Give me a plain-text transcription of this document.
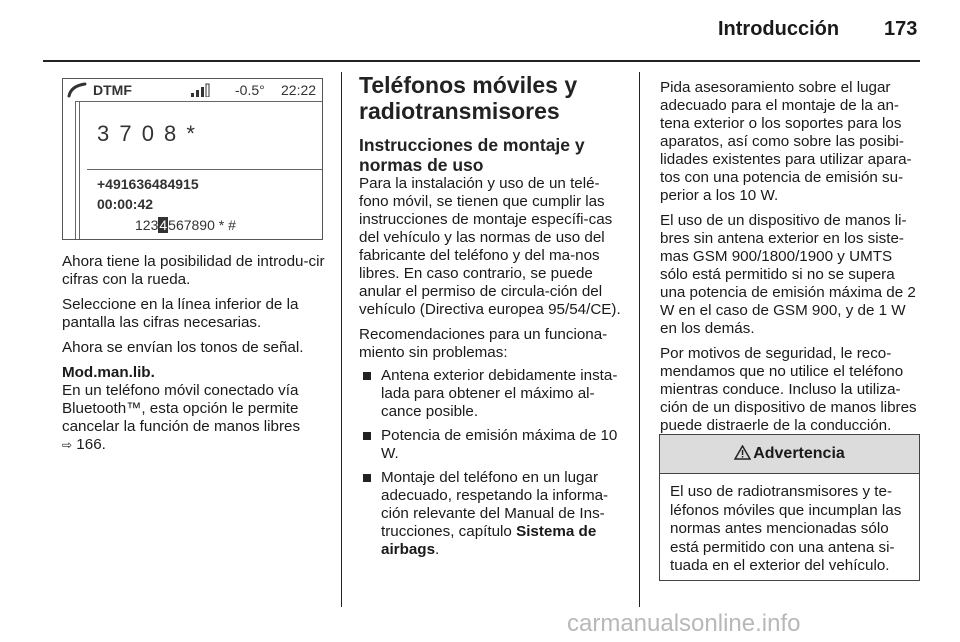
Introducción 173
DTMF	-0.5° 22:22
3 7 0 8 *
+491636484915
00:00:42
1234567890 * #

Ahora tiene la posibilidad de introdu-cir cifras con la rueda.

Seleccione en la línea inferior de la pantalla las cifras necesarias.

Ahora se envían los tonos de señal.

Mod.man.lib.
En un teléfono móvil conectado vía Bluetooth™, esta opción le permite cancelar la función de manos libres
⇨ 166.
Teléfonos móviles y radiotransmisores
Instrucciones de montaje y normas de uso

Para la instalación y uso de un telé-fono móvil, se tienen que cumplir las instrucciones de montaje específi-cas del vehículo y las normas de uso del fabricante del teléfono y del ma-nos libres. En caso contrario, se puede anular el permiso de circula-ción del vehículo (Directiva europea 95/54/CE).

Recomendaciones para un funciona-miento sin problemas:

Antena exterior debidamente insta-lada para obtener el máximo al-cance posible.
Potencia de emisión máxima de 10 W.
Montaje del teléfono en un lugar adecuado, respetando la informa-ción relevante del Manual de Ins-trucciones, capítulo Sistema de airbags.

Pida asesoramiento sobre el lugar adecuado para el montaje de la an-tena exterior o los soportes para los aparatos, así como sobre las posibi-lidades existentes para utilizar apara-tos con una potencia de emisión su-perior a los 10 W.

El uso de un dispositivo de manos li-bres sin antena exterior en los siste-mas GSM 900/1800/1900 y UMTS sólo está permitido si no se supera una potencia de emisión máxima de 2 W en el caso de GSM 900, y de 1 W en los demás.

Por motivos de seguridad, le reco-mendamos que no utilice el teléfono mientras conduce. Incluso la utiliza-ción de un dispositivo de manos libres puede distraerle de la conducción.

Advertencia
El uso de radiotransmisores y te-léfonos móviles que incumplan las normas antes mencionadas sólo está permitido con una antena si-tuada en el exterior del vehículo.
carmanualsonline.info
